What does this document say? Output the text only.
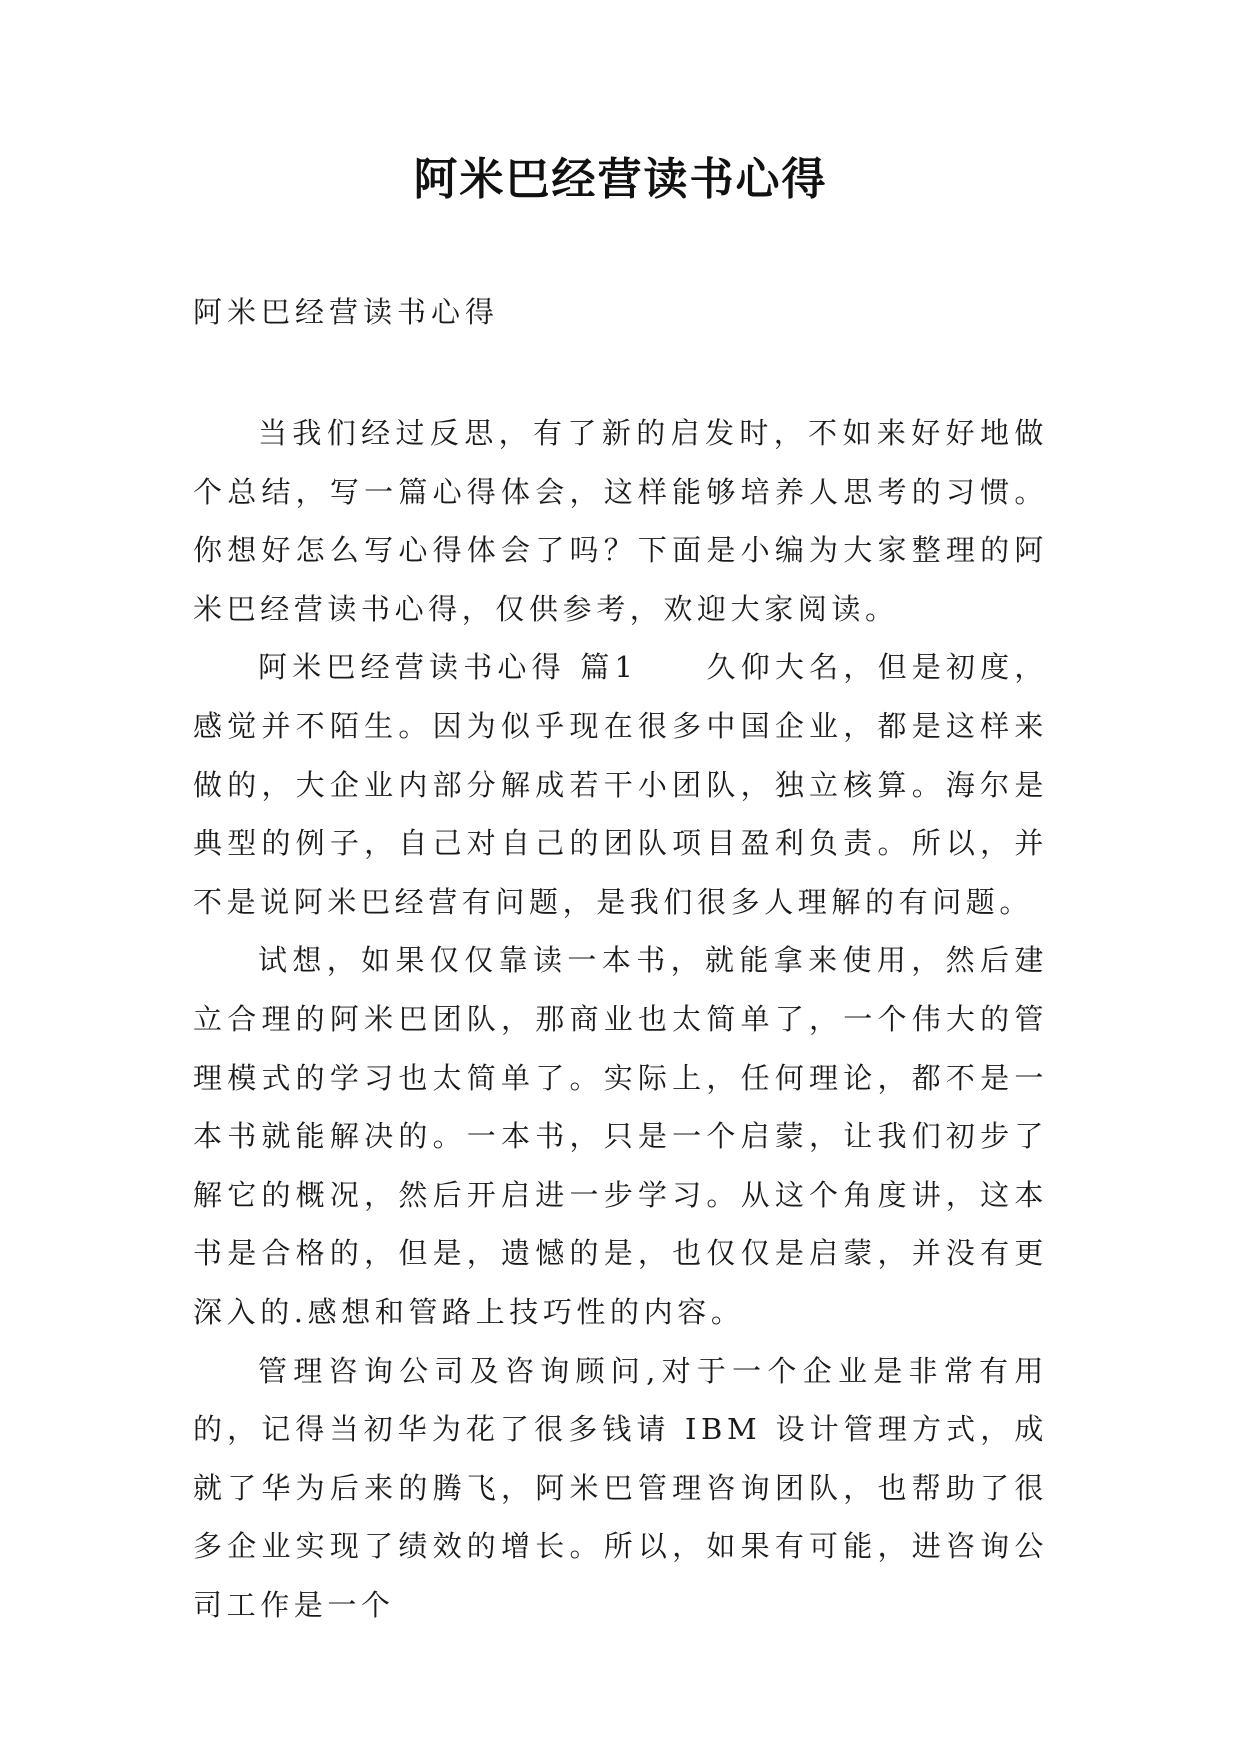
阿米巴经营读书心得

阿米巴经营读书心得

当我们经过反思，有了新的启发时，不如来好好地做个总结，写一篇心得体会，这样能够培养人思考的习惯。你想好怎么写心得体会了吗？下面是小编为大家整理的阿米巴经营读书心得，仅供参考，欢迎大家阅读。

阿米巴经营读书心得 篇1　　久仰大名，但是初度，感觉并不陌生。因为似乎现在很多中国企业，都是这样来做的，大企业内部分解成若干小团队，独立核算。海尔是典型的例子，自己对自己的团队项目盈利负责。所以，并不是说阿米巴经营有问题，是我们很多人理解的有问题。

试想，如果仅仅靠读一本书，就能拿来使用，然后建立合理的阿米巴团队，那商业也太简单了，一个伟大的管理模式的学习也太简单了。实际上，任何理论，都不是一本书就能解决的。一本书，只是一个启蒙，让我们初步了解它的概况，然后开启进一步学习。从这个角度讲，这本书是合格的，但是，遗憾的是，也仅仅是启蒙，并没有更深入的.感想和管路上技巧性的内容。

管理咨询公司及咨询顾问,对于一个企业是非常有用的，记得当初华为花了很多钱请 IBM 设计管理方式，成就了华为后来的腾飞，阿米巴管理咨询团队，也帮助了很多企业实现了绩效的增长。所以，如果有可能，进咨询公司工作是一个
